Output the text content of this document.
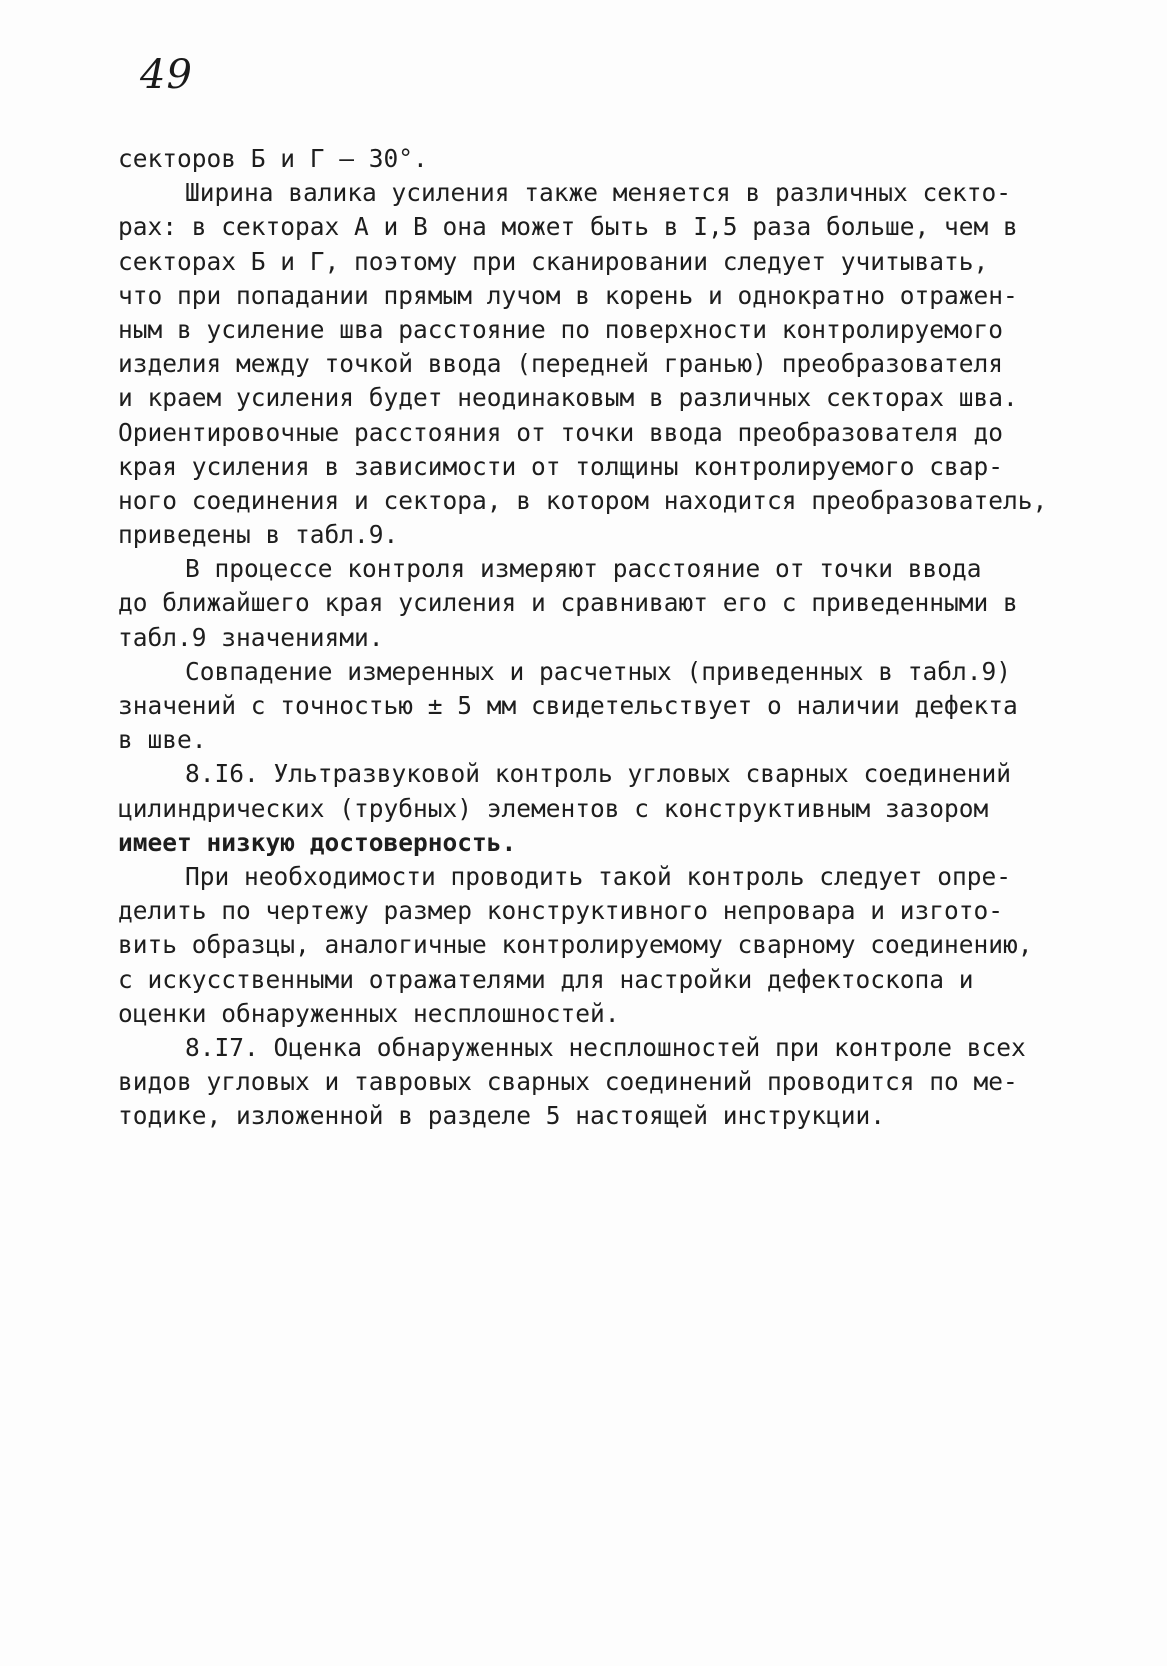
49
секторов Б и Г – 30°.
Ширина валика усиления также меняется в различных секто-
рах: в секторах А и В она может быть в I,5 раза больше, чем в
секторах Б и Г, поэтому при сканировании следует учитывать,
что при попадании прямым лучом в корень и однократно отражен-
ным в усиление шва расстояние по поверхности контролируемого
изделия между точкой ввода (передней гранью) преобразователя
и краем усиления будет неодинаковым в различных секторах шва.
Ориентировочные расстояния от точки ввода преобразователя до
края усиления в зависимости от толщины контролируемого свар-
ного соединения и сектора, в котором находится преобразователь,
приведены в табл.9.
В процессе контроля измеряют расстояние от точки ввода
до ближайшего края усиления и сравнивают его с приведенными в
табл.9 значениями.
Совпадение измеренных и расчетных (приведенных в табл.9)
значений с точностью ± 5 мм свидетельствует о наличии дефекта
в шве.
8.I6. Ультразвуковой контроль угловых сварных соединений
цилиндрических (трубных) элементов с конструктивным зазором
имеет низкую достоверность.
При необходимости проводить такой контроль следует опре-
делить по чертежу размер конструктивного непровара и изгото-
вить образцы, аналогичные контролируемому сварному соединению,
с искусственными отражателями для настройки дефектоскопа и
оценки обнаруженных несплошностей.
8.I7. Оценка обнаруженных несплошностей при контроле всех
видов угловых и тавровых сварных соединений проводится по ме-
тодике, изложенной в разделе 5 настоящей инструкции.
